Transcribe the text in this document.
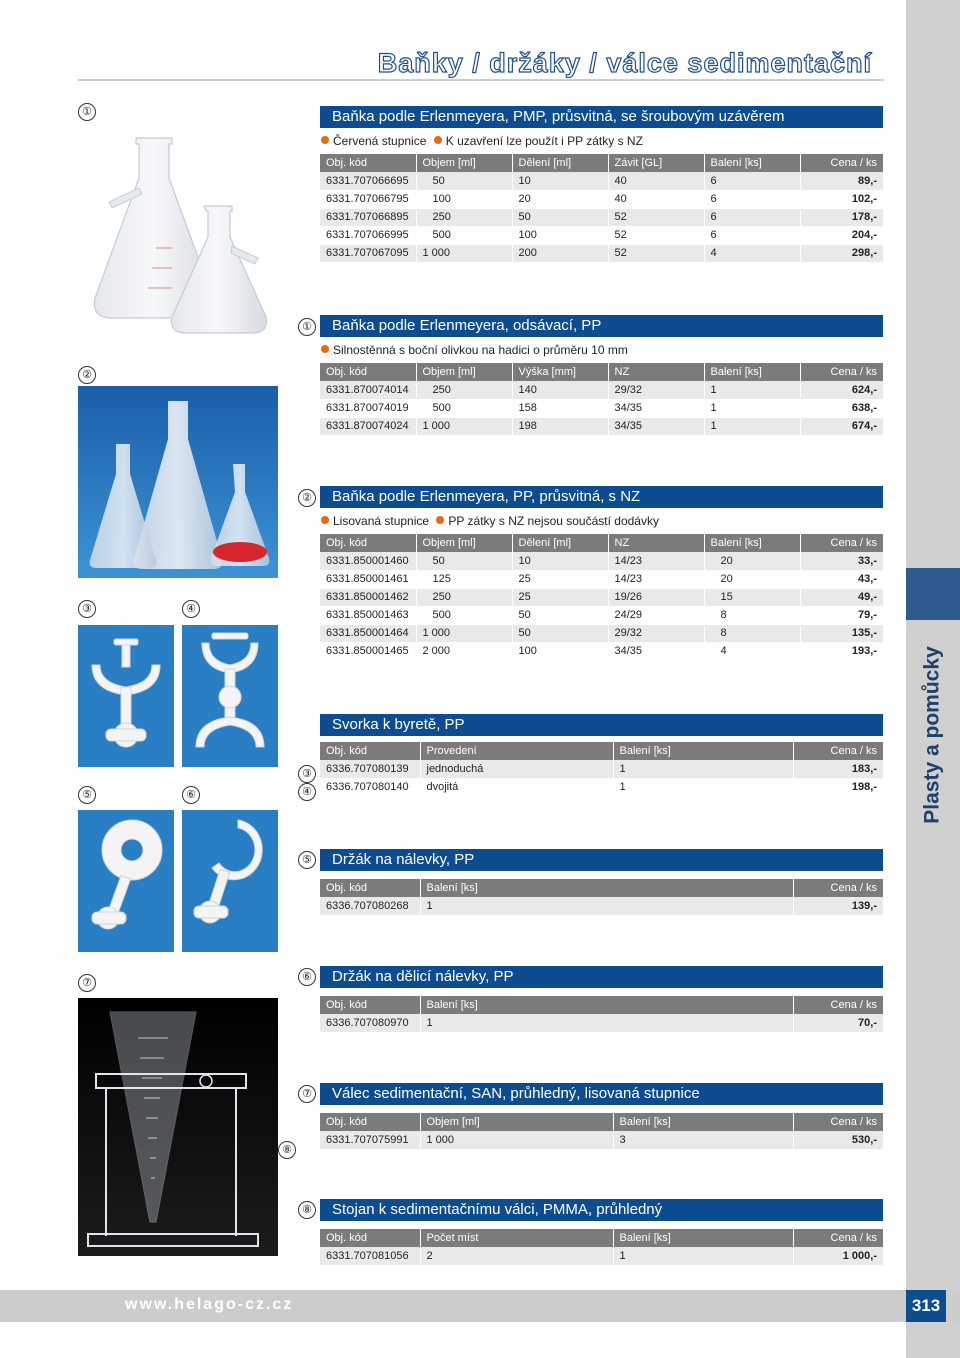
Plasty a pomůcky
Baňky / držáky / válce sedimentační
①
②
③	④
⑤	⑥
⑦
⑧
①
②
③
④
⑤
⑥
⑦
⑧
Baňka podle Erlenmeyera, PMP, průsvitná, se šroubovým uzávěrem
Červená stupnice K uzavření lze použít i PP zátky s NZ
Obj. kód	Objem [ml]	Dělení [ml]	Závit [GL]	Balení [ks]	Cena / ks
6331.707066695	50	10	40	6	89,-
6331.707066795	100	20	40	6	102,-
6331.707066895	250	50	52	6	178,-
6331.707066995	500	100	52	6	204,-
6331.707067095	1 000	200	52	4	298,-
Baňka podle Erlenmeyera, odsávací, PP
Silnostěnná s boční olivkou na hadici o průměru 10 mm
Obj. kód	Objem [ml]	Výška [mm]	NZ	Balení [ks]	Cena / ks
6331.870074014	250	140	29/32	1	624,-
6331.870074019	500	158	34/35	1	638,-
6331.870074024	1 000	198	34/35	1	674,-
Baňka podle Erlenmeyera, PP, průsvitná, s NZ
Lisovaná stupnice PP zátky s NZ nejsou součástí dodávky
Obj. kód	Objem [ml]	Dělení [ml]	NZ	Balení [ks]	Cena / ks
6331.850001460	50	10	14/23	20	33,-
6331.850001461	125	25	14/23	20	43,-
6331.850001462	250	25	19/26	15	49,-
6331.850001463	500	50	24/29	8	79,-
6331.850001464	1 000	50	29/32	8	135,-
6331.850001465	2 000	100	34/35	4	193,-
Svorka k byretě, PP
Obj. kód	Provedení	Balení [ks]	Cena / ks
6336.707080139	jednoduchá	1	183,-
6336.707080140	dvojitá	1	198,-
Držák na nálevky, PP
Obj. kód	Balení [ks]	Cena / ks
6336.707080268	1	139,-
Držák na dělicí nálevky, PP
Obj. kód	Balení [ks]	Cena / ks
6336.707080970	1	70,-
Válec sedimentační, SAN, průhledný, lisovaná stupnice
Obj. kód	Objem [ml]	Balení [ks]	Cena / ks
6331.707075991	1 000	3	530,-
Stojan k sedimentačnímu válci, PMMA, průhledný
Obj. kód	Počet míst	Balení [ks]	Cena / ks
6331.707081056	2	1	1 000,-
www.helago-cz.cz	313
